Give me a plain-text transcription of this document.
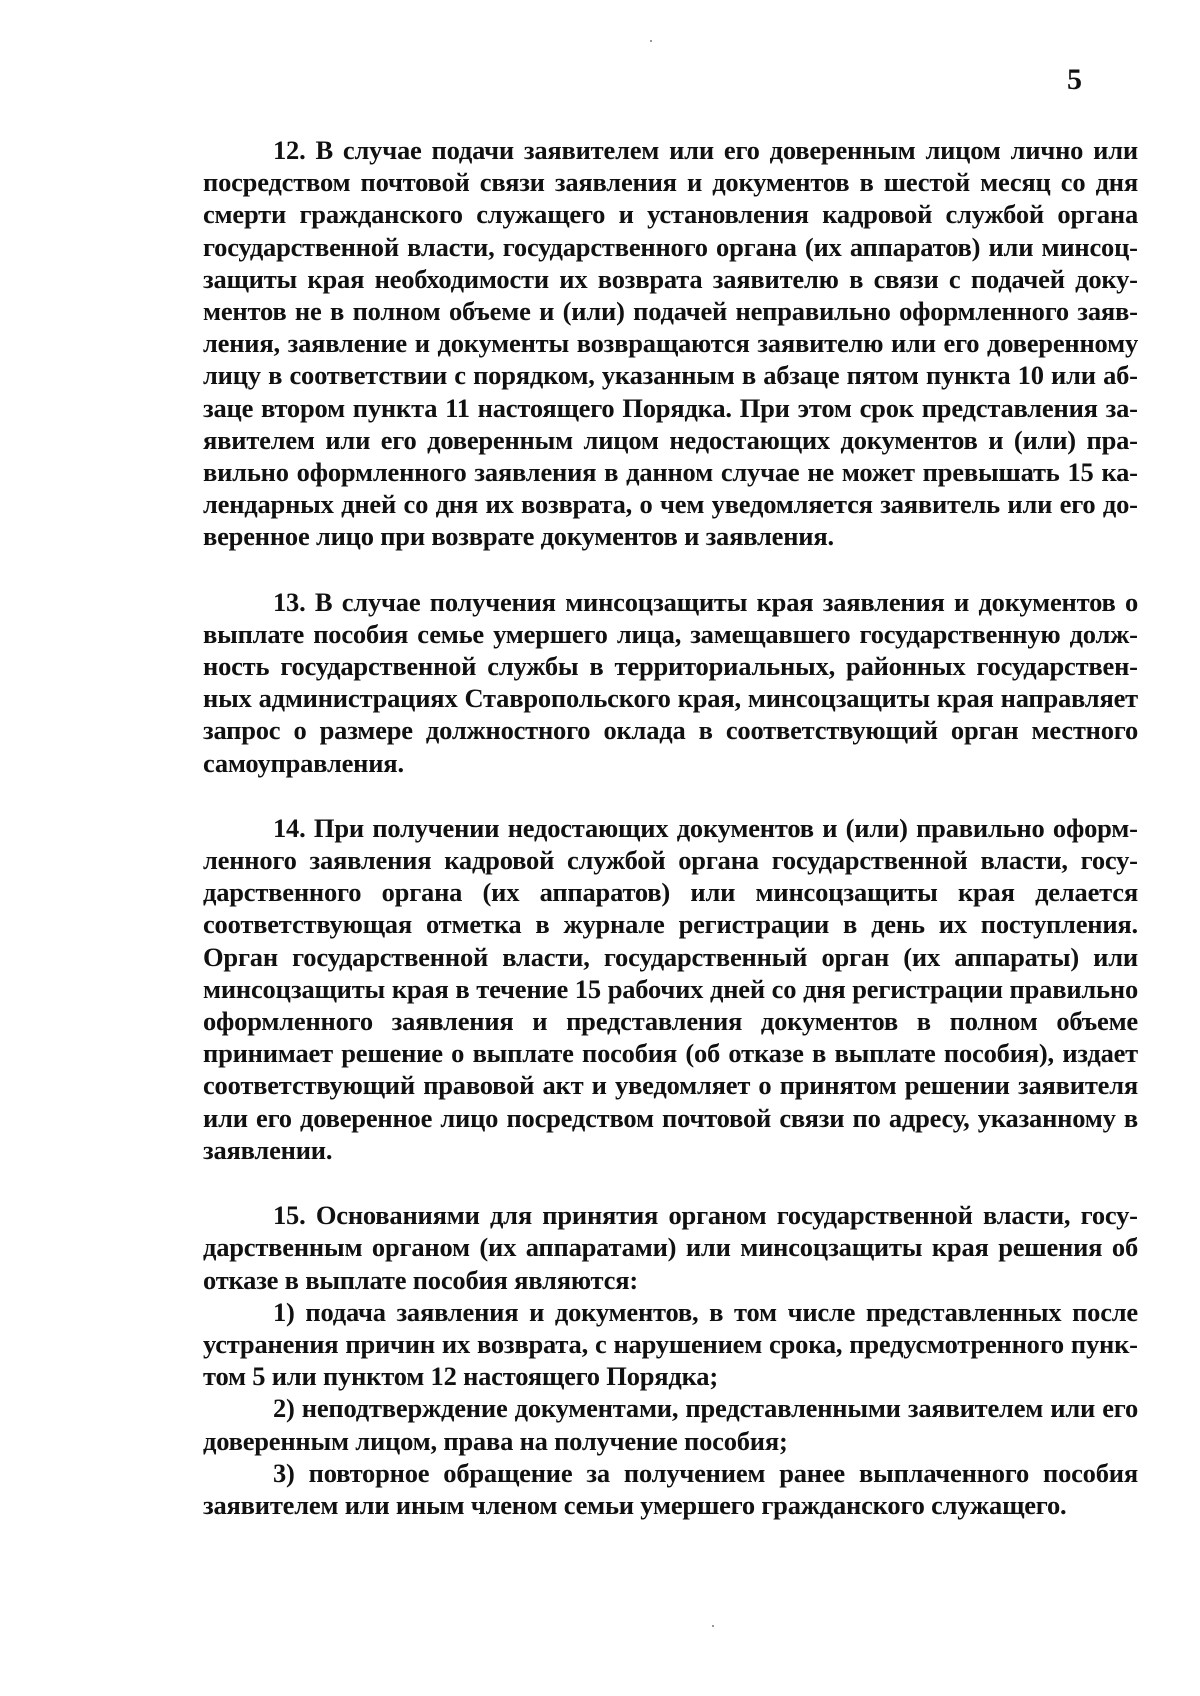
5

12. В случае подачи заявителем или его доверенным лицом лично или посредством почтовой связи заявления и документов в шестой месяц со дня смерти гражданского служащего и установления кадровой службой органа государственной власти, государственного органа (их аппаратов) или минсоцзащиты края необходимости их возврата заявителю в связи с подачей документов не в полном объеме и (или) подачей неправильно оформленного заявления, заявление и документы возвращаются заявителю или его доверенному лицу в соответствии с порядком, указанным в абзаце пятом пункта 10 или абзаце втором пункта 11 настоящего Порядка. При этом срок представления заявителем или его доверенным лицом недостающих документов и (или) правильно оформленного заявления в данном случае не может превышать 15 календарных дней со дня их возврата, о чем уведомляется заявитель или его доверенное лицо при возврате документов и заявления.

13. В случае получения минсоцзащиты края заявления и документов о выплате пособия семье умершего лица, замещавшего государственную должность государственной службы в территориальных, районных государственных администрациях Ставропольского края, минсоцзащиты края направляет запрос о размере должностного оклада в соответствующий орган местного самоуправления.

14. При получении недостающих документов и (или) правильно оформленного заявления кадровой службой органа государственной власти, государственного органа (их аппаратов) или минсоцзащиты края делается соответствующая отметка в журнале регистрации в день их поступления. Орган государственной власти, государственный орган (их аппараты) или минсоцзащиты края в течение 15 рабочих дней со дня регистрации правильно оформленного заявления и представления документов в полном объеме принимает решение о выплате пособия (об отказе в выплате пособия), издает соответствующий правовой акт и уведомляет о принятом решении заявителя или его доверенное лицо посредством почтовой связи по адресу, указанному в заявлении.

15. Основаниями для принятия органом государственной власти, государственным органом (их аппаратами) или минсоцзащиты края решения об отказе в выплате пособия являются:

1) подача заявления и документов, в том числе представленных после устранения причин их возврата, с нарушением срока, предусмотренного пунктом 5 или пунктом 12 настоящего Порядка;

2) неподтверждение документами, представленными заявителем или его доверенным лицом, права на получение пособия;

3) повторное обращение за получением ранее выплаченного пособия заявителем или иным членом семьи умершего гражданского служащего.
